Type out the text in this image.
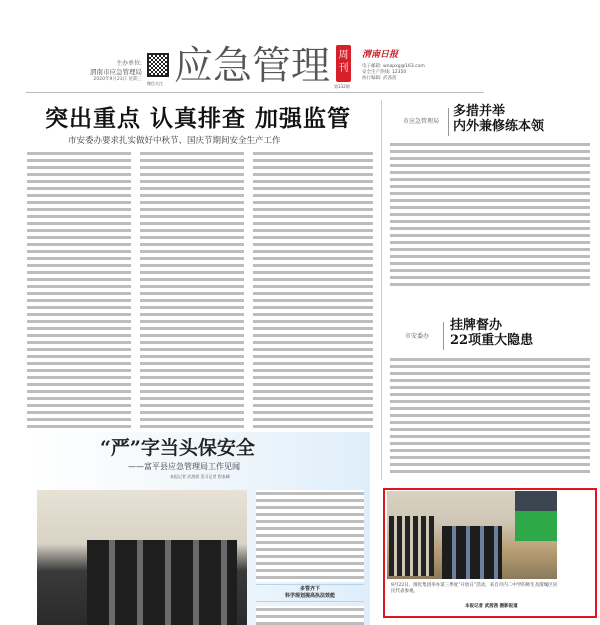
主办单位:
渭南市应急管理局
2020年9月23日 星期三
微信关注 应急管理 周刊
第132期
渭南日报
电子邮箱: wnapxg@163.com
安全生产热线: 12350
执行编辑: 武茜茜
突出重点 认真排查 加强监管
市安委办要求扎实做好中秋节、国庆节期间安全生产工作
市应急管理局
多措并举
内外兼修练本领
市安委办
挂牌督办
22项重大隐患
“严”字当头保安全
——富平县应急管理局工作见闻
本报记者 武茜茜 见习记者 程家峰
多管齐下
科学规划提高执法效能
9月22日，渭化集团举办第三季度“开放日”活动，来自市内二中学的师生及渭城区居民代表参观。
本报记者 武茜茜 摄影报道
